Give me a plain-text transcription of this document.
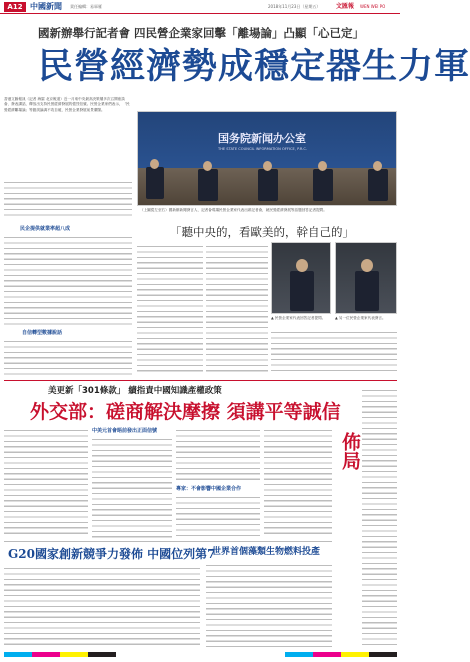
A12 中國新聞 責任編輯：易軍雁	2018年11月23日（星期五）	文匯報 WEN WEI PO
國新辦舉行記者會 四民營企業家回擊「離場論」凸顯「心已定」
民營經濟勢成穩定器生力軍
香港文匯報訊（記者 海巖 北京報道）近一月來中央最高決策層多次召開座談會、發表講話，釋放出支持民營經濟發展的強烈信號。民營企業家們表示，「民營經濟離場論」等錯誤論調不攻自破，民營企業發展前景廣闊。
民企提供就業率超八成
自信轉型數據說話
国务院新闻办公室
THE STATE COUNCIL INFORMATION OFFICE, P.R.C.
（上圖從左至右）國新辦新聞發言人、記者會現場民營企業家代表出席記者會，就民營經濟發展等話題回答記者提問。
「聽中央的，看歐美的，幹自己的」
▲ 民營企業家代表回答記者提問。	▲ 另一位民營企業家代表發言。
美更新「301條款」 續指責中國知識產權政策
外交部：磋商解決摩擦 須講平等誠信
中美元首會晤前發出正面信號
專家：不會影響中國企業合作
G20國家創新競爭力發佈 中國位列第7
世界首個藻類生物燃料投產
佈局
